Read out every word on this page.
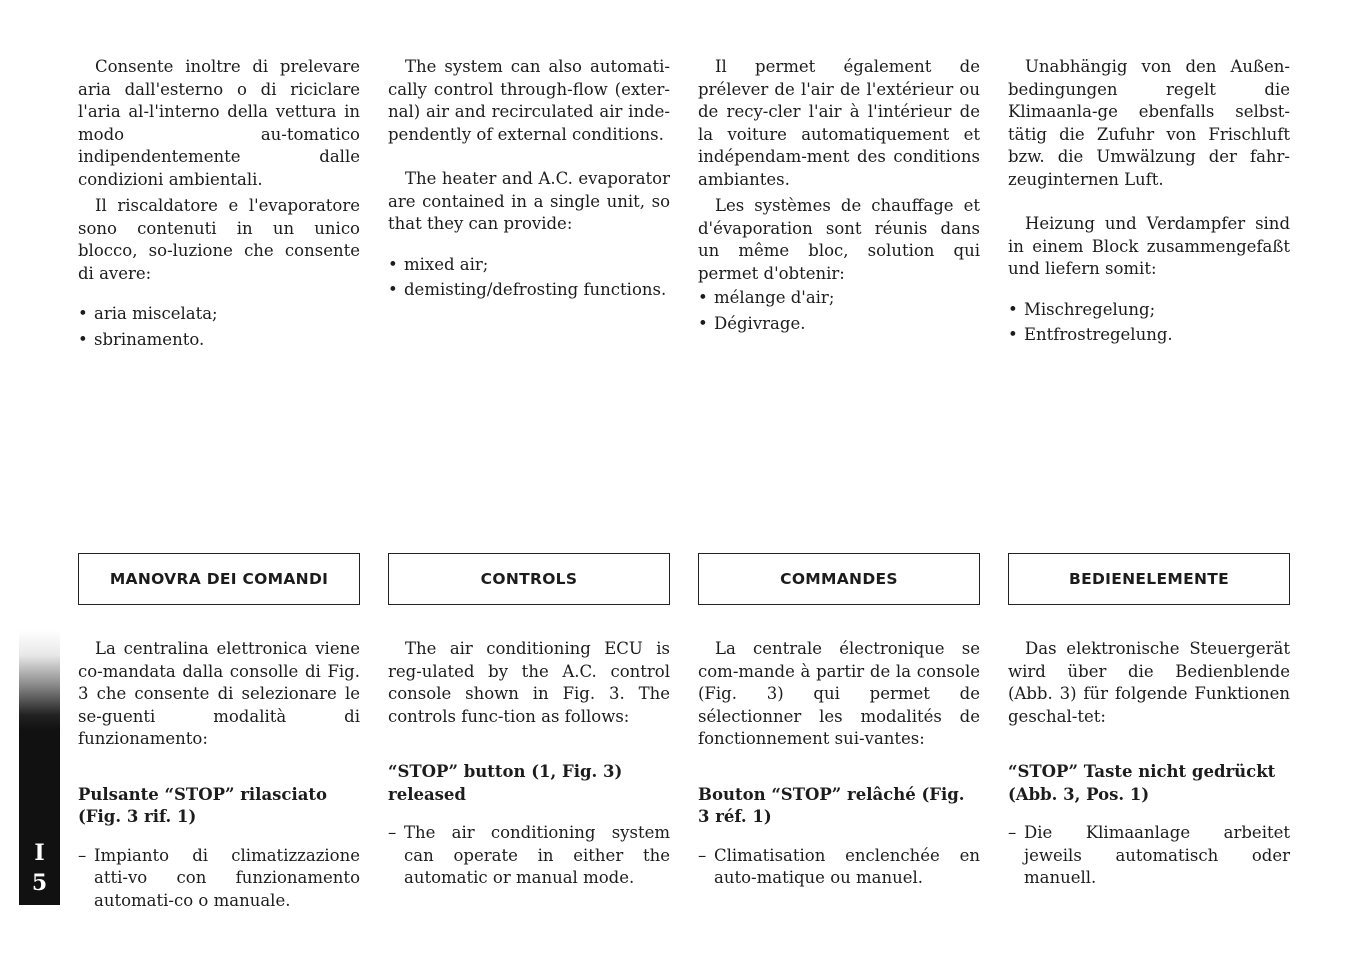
Consente inoltre di prelevare aria dall'esterno o di riciclare l'aria al-l'interno della vettura in modo au-tomatico indipendentemente dalle condizioni ambientali.

Il riscaldatore e l'evaporatore sono contenuti in un unico blocco, so-luzione che consente di avere:

• aria miscelata;
• sbrinamento.
MANOVRA DEI COMANDI

La centralina elettronica viene co-mandata dalla consolle di Fig. 3 che consente di selezionare le se-guenti modalità di funzionamento:

Pulsante “STOP” rilasciato (Fig. 3 rif. 1)
– Impianto di climatizzazione atti-vo con funzionamento automati-co o manuale.

The system can also automati-cally control through-flow (exter-nal) air and recirculated air inde-pendently of external conditions.

The heater and A.C. evaporator are contained in a single unit, so that they can provide:

• mixed air;
• demisting/defrosting functions.
CONTROLS

The air conditioning ECU is reg-ulated by the A.C. control console shown in Fig. 3. The controls func-tion as follows:

“STOP” button (1, Fig. 3) released
– The air conditioning system can operate in either the automatic or manual mode.

Il permet également de prélever de l'air de l'extérieur ou de recy-cler l'air à l'intérieur de la voiture automatiquement et indépendam-ment des conditions ambiantes.

Les systèmes de chauffage et d'évaporation sont réunis dans un même bloc, solution qui permet d'obtenir:

• mélange d'air;
• Dégivrage.
COMMANDES

La centrale électronique se com-mande à partir de la console (Fig. 3) qui permet de sélectionner les modalités de fonctionnement sui-vantes:

Bouton “STOP” relâché (Fig. 3 réf. 1)
– Climatisation enclenchée en auto-matique ou manuel.

Unabhängig von den Außen-bedingungen regelt die Klimaanla-ge ebenfalls selbst-tätig die Zufuhr von Frischluft bzw. die Umwälzung der fahr-zeuginternen Luft.

Heizung und Verdampfer sind in einem Block zusammengefaßt und liefern somit:

• Mischregelung;
• Entfrostregelung.
BEDIENELEMENTE

Das elektronische Steuergerät wird über die Bedienblende (Abb. 3) für folgende Funktionen geschal-tet:

“STOP” Taste nicht gedrückt (Abb. 3, Pos. 1)
– Die Klimaanlage arbeitet jeweils automatisch oder manuell.
I
5
